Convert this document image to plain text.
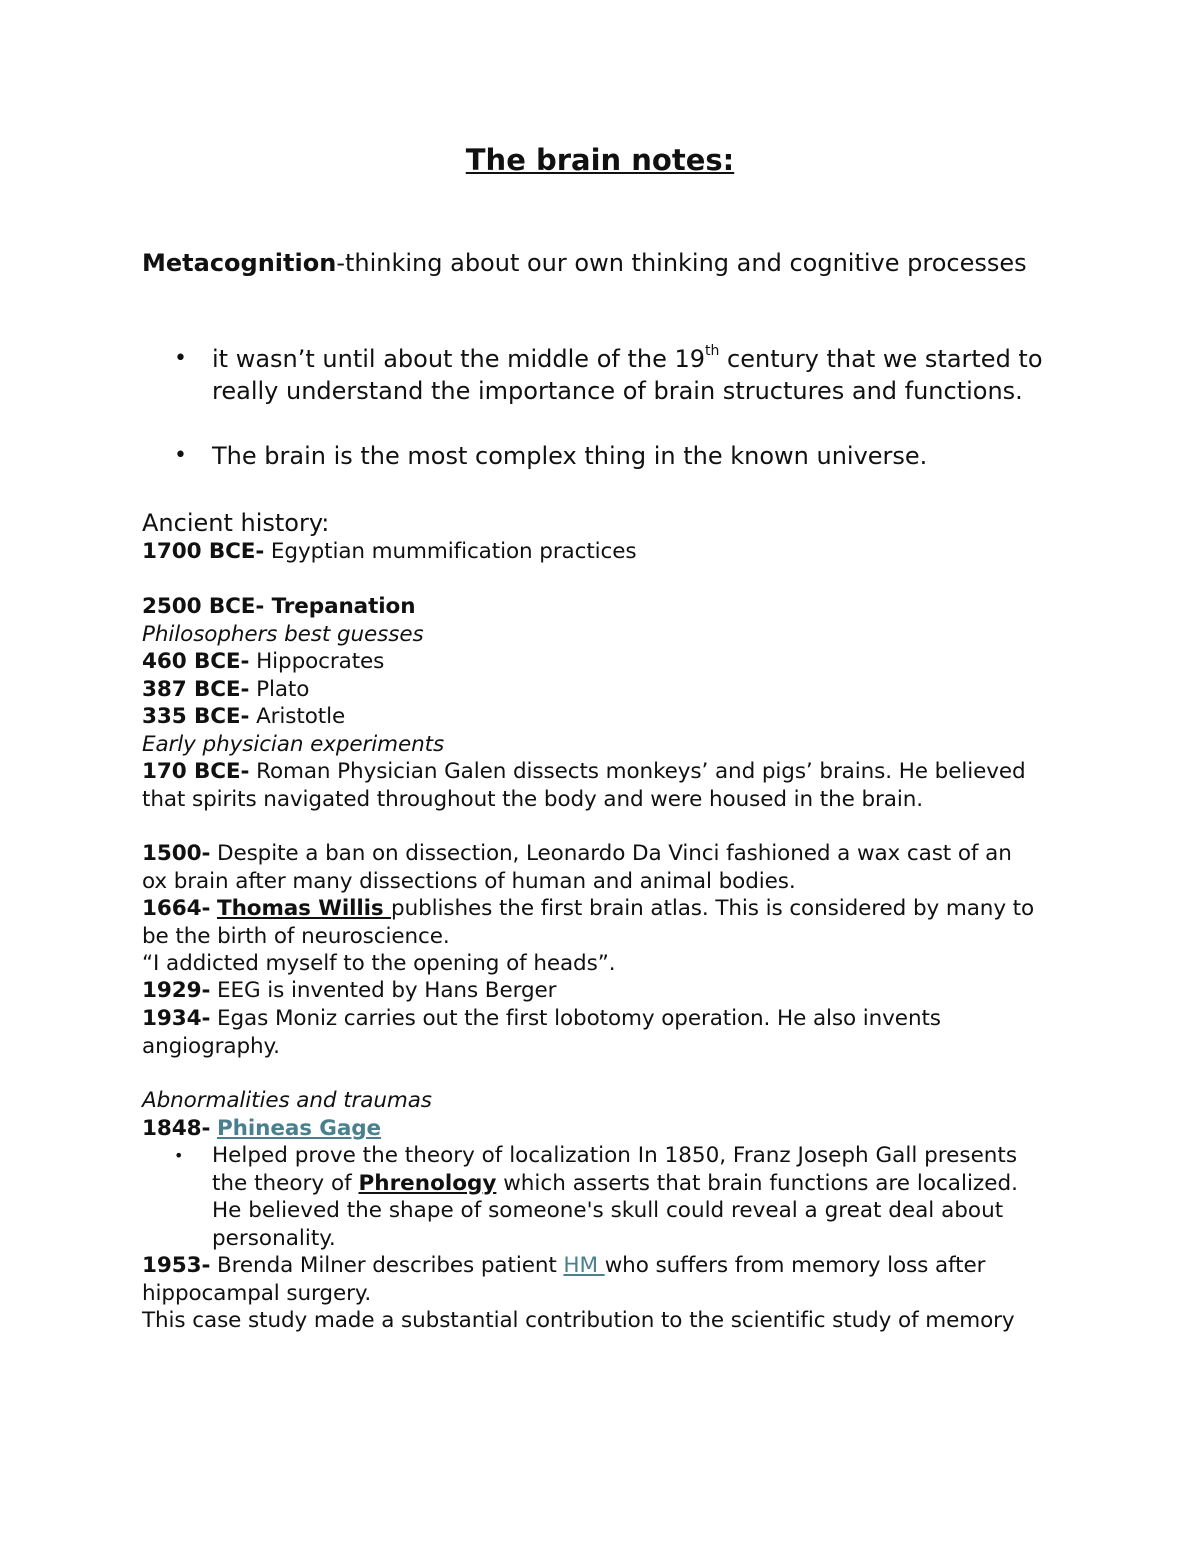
The brain notes:
Metacognition-thinking about our own thinking and cognitive processes
• it wasn’t until about the middle of the 19th century that we started to really understand the importance of brain structures and functions.
• The brain is the most complex thing in the known universe.
Ancient history:
1700 BCE- Egyptian mummification practices
2500 BCE- Trepanation
Philosophers best guesses
460 BCE- Hippocrates
387 BCE- Plato
335 BCE- Aristotle
Early physician experiments
170 BCE- Roman Physician Galen dissects monkeys’ and pigs’ brains. He believed that spirits navigated throughout the body and were housed in the brain.
1500- Despite a ban on dissection, Leonardo Da Vinci fashioned a wax cast of an ox brain after many dissections of human and animal bodies.
1664- Thomas Willis publishes the first brain atlas. This is considered by many to be the birth of neuroscience.
“I addicted myself to the opening of heads”.
1929- EEG is invented by Hans Berger
1934- Egas Moniz carries out the first lobotomy operation. He also invents angiography.
Abnormalities and traumas
1848- Phineas Gage
• Helped prove the theory of localization In 1850, Franz Joseph Gall presents the theory of Phrenology which asserts that brain functions are localized. He believed the shape of someone's skull could reveal a great deal about personality.
1953- Brenda Milner describes patient HM who suffers from memory loss after hippocampal surgery.
This case study made a substantial contribution to the scientific study of memory
